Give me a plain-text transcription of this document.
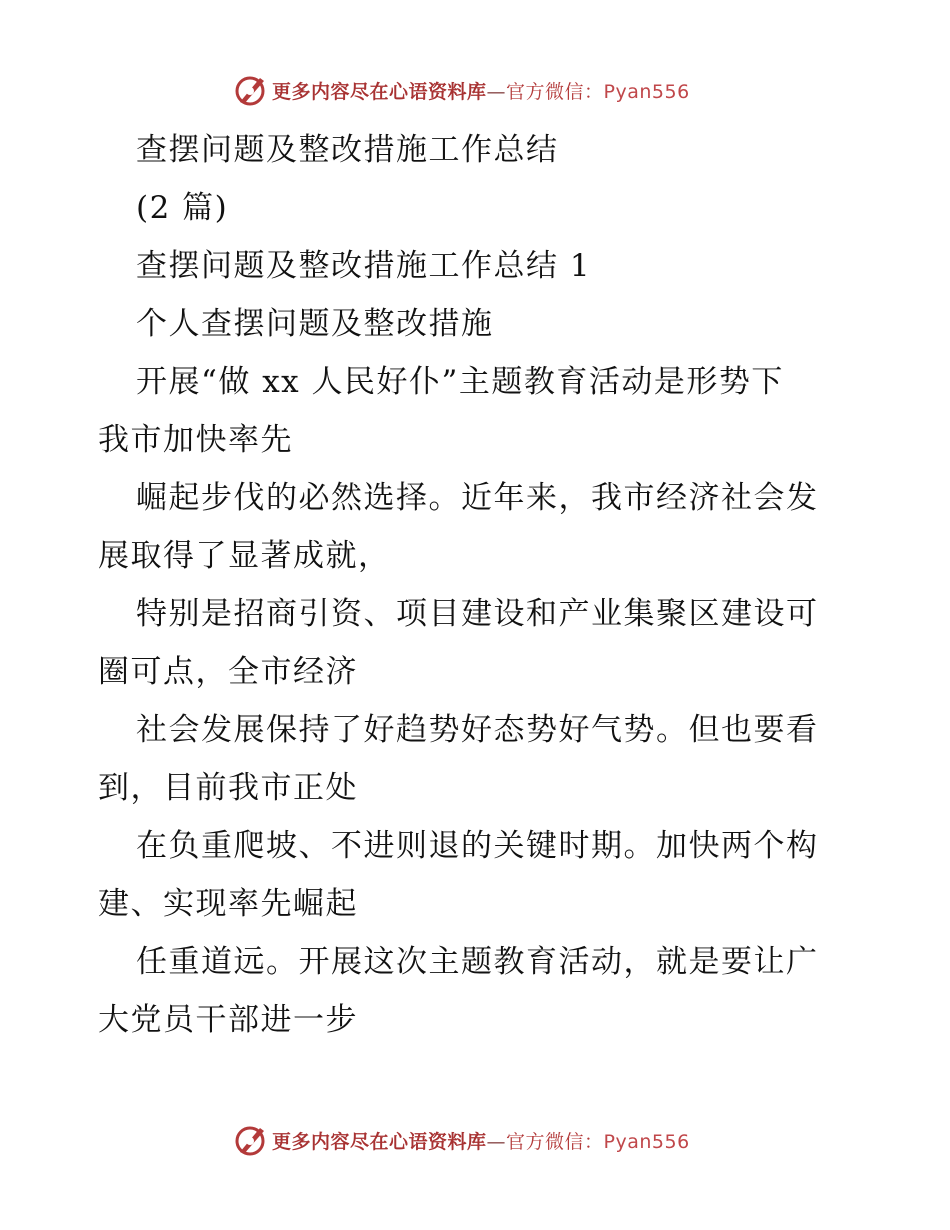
更多内容尽在心语资料库—官方微信：Pyan556
查摆问题及整改措施工作总结
(2 篇)
查摆问题及整改措施工作总结 1
个人查摆问题及整改措施
开展“做 xx 人民好仆”主题教育活动是形势下
我市加快率先
崛起步伐的必然选择。近年来，我市经济社会发
展取得了显著成就，
特别是招商引资、项目建设和产业集聚区建设可
圈可点，全市经济
社会发展保持了好趋势好态势好气势。但也要看
到，目前我市正处
在负重爬坡、不进则退的关键时期。加快两个构
建、实现率先崛起
任重道远。开展这次主题教育活动，就是要让广
大党员干部进一步
更多内容尽在心语资料库—官方微信：Pyan556
